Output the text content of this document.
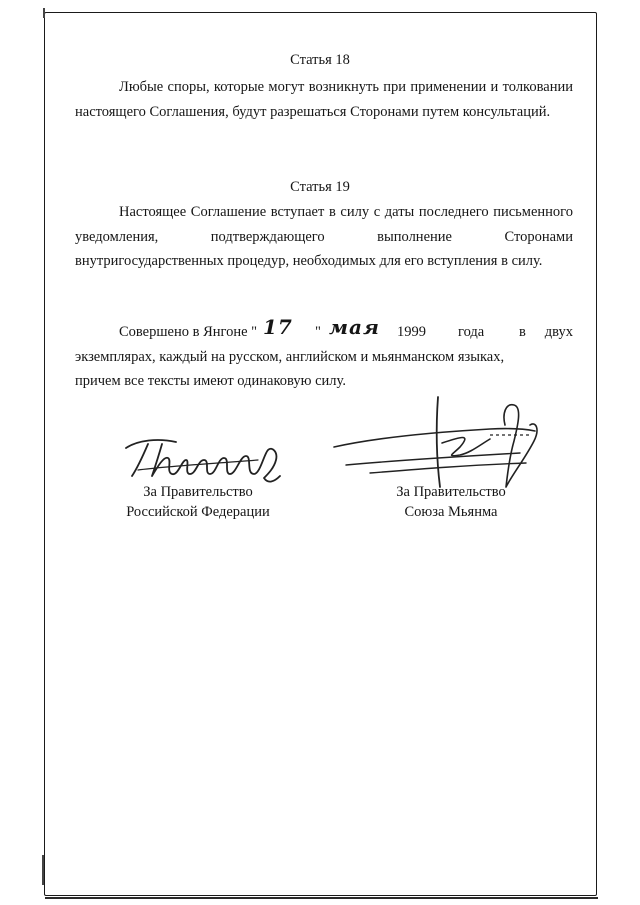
Статья 18
Любые споры, которые могут возникнуть при применении и толковании настоящего Соглашения, будут разрешаться Сторонами путем консультаций.
Статья 19
Настоящее Соглашение вступает в силу с даты последнего письменного уведомления, подтверждающего выполнение Сторонами внутригосударственных процедур, необходимых для его вступления в силу.
Совершено в Янгоне " 17 " мая 1999 года в двух
экземплярах, каждый на русском, английском и мьянманском языках,
причем все тексты имеют одинаковую силу.
За Правительство
Российской Федерации
За Правительство
Союза Мьянма
